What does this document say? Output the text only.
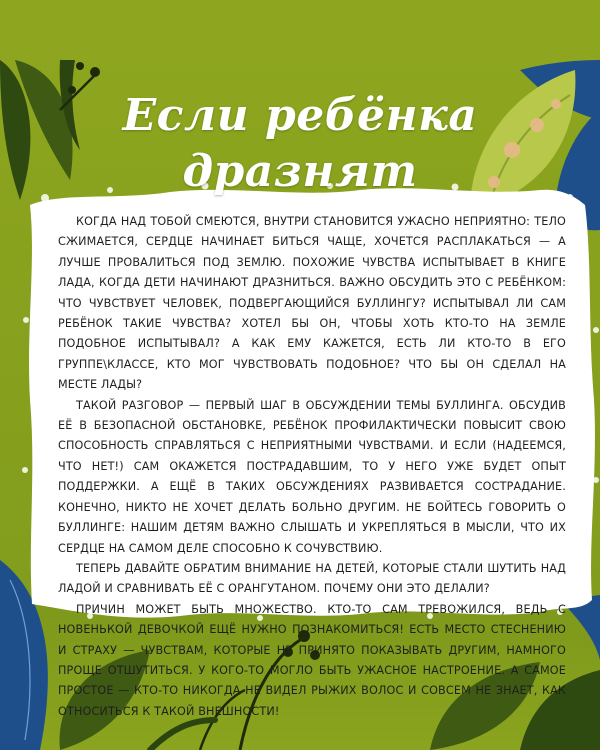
Если ребёнка дразнят

КОГДА НАД ТОБОЙ СМЕЮТСЯ, ВНУТРИ СТАНОВИТСЯ УЖАСНО НЕПРИЯТНО: ТЕЛО СЖИМАЕТСЯ, СЕРДЦЕ НАЧИНАЕТ БИТЬСЯ ЧАЩЕ, ХОЧЕТСЯ РАСПЛАКАТЬСЯ — А ЛУЧШЕ ПРОВАЛИТЬСЯ ПОД ЗЕМЛЮ. ПОХОЖИЕ ЧУВСТВА ИСПЫТЫВАЕТ В КНИГЕ ЛАДА, КОГДА ДЕТИ НАЧИНАЮТ ДРАЗНИТЬСЯ. ВАЖНО ОБСУДИТЬ ЭТО С РЕБЁНКОМ: ЧТО ЧУВСТВУЕТ ЧЕЛОВЕК, ПОДВЕРГАЮЩИЙСЯ БУЛЛИНГУ? ИСПЫТЫВАЛ ЛИ САМ РЕБЁНОК ТАКИЕ ЧУВСТВА? ХОТЕЛ БЫ ОН, ЧТОБЫ ХОТЬ КТО-ТО НА ЗЕМЛЕ ПОДОБНОЕ ИСПЫТЫВАЛ? А КАК ЕМУ КАЖЕТСЯ, ЕСТЬ ЛИ КТО-ТО В ЕГО ГРУППЕ\КЛАССЕ, КТО МОГ ЧУВСТВОВАТЬ ПОДОБНОЕ? ЧТО БЫ ОН СДЕЛАЛ НА МЕСТЕ ЛАДЫ?

ТАКОЙ РАЗГОВОР — ПЕРВЫЙ ШАГ В ОБСУЖДЕНИИ ТЕМЫ БУЛЛИНГА. ОБСУДИВ ЕЁ В БЕЗОПАСНОЙ ОБСТАНОВКЕ, РЕБЁНОК ПРОФИЛАКТИЧЕСКИ ПОВЫСИТ СВОЮ СПОСОБНОСТЬ СПРАВЛЯТЬСЯ С НЕПРИЯТНЫМИ ЧУВСТВАМИ. И ЕСЛИ (НАДЕЕМСЯ, ЧТО НЕТ!) САМ ОКАЖЕТСЯ ПОСТРАДАВШИМ, ТО У НЕГО УЖЕ БУДЕТ ОПЫТ ПОДДЕРЖКИ. А ЕЩЁ В ТАКИХ ОБСУЖДЕНИЯХ РАЗВИВАЕТСЯ СОСТРАДАНИЕ. КОНЕЧНО, НИКТО НЕ ХОЧЕТ ДЕЛАТЬ БОЛЬНО ДРУГИМ. НЕ БОЙТЕСЬ ГОВОРИТЬ О БУЛЛИНГЕ: НАШИМ ДЕТЯМ ВАЖНО СЛЫШАТЬ И УКРЕПЛЯТЬСЯ В МЫСЛИ, ЧТО ИХ СЕРДЦЕ НА САМОМ ДЕЛЕ СПОСОБНО К СОЧУВСТВИЮ.

ТЕПЕРЬ ДАВАЙТЕ ОБРАТИМ ВНИМАНИЕ НА ДЕТЕЙ, КОТОРЫЕ СТАЛИ ШУТИТЬ НАД ЛАДОЙ И СРАВНИВАТЬ ЕЁ С ОРАНГУТАНОМ. ПОЧЕМУ ОНИ ЭТО ДЕЛАЛИ?

ПРИЧИН МОЖЕТ БЫТЬ МНОЖЕСТВО. КТО-ТО САМ ТРЕВОЖИЛСЯ, ВЕДЬ С НОВЕНЬКОЙ ДЕВОЧКОЙ ЕЩЁ НУЖНО ПОЗНАКОМИТЬСЯ! ЕСТЬ МЕСТО СТЕСНЕНИЮ И СТРАХУ — ЧУВСТВАМ, КОТОРЫЕ НЕ ПРИНЯТО ПОКАЗЫВАТЬ ДРУГИМ, НАМНОГО ПРОЩЕ ОТШУТИТЬСЯ. У КОГО-ТО МОГЛО БЫТЬ УЖАСНОЕ НАСТРОЕНИЕ. А САМОЕ ПРОСТОЕ — КТО-ТО НИКОГДА НЕ ВИДЕЛ РЫЖИХ ВОЛОС И СОВСЕМ НЕ ЗНАЕТ, КАК ОТНОСИТЬСЯ К ТАКОЙ ВНЕШНОСТИ!
